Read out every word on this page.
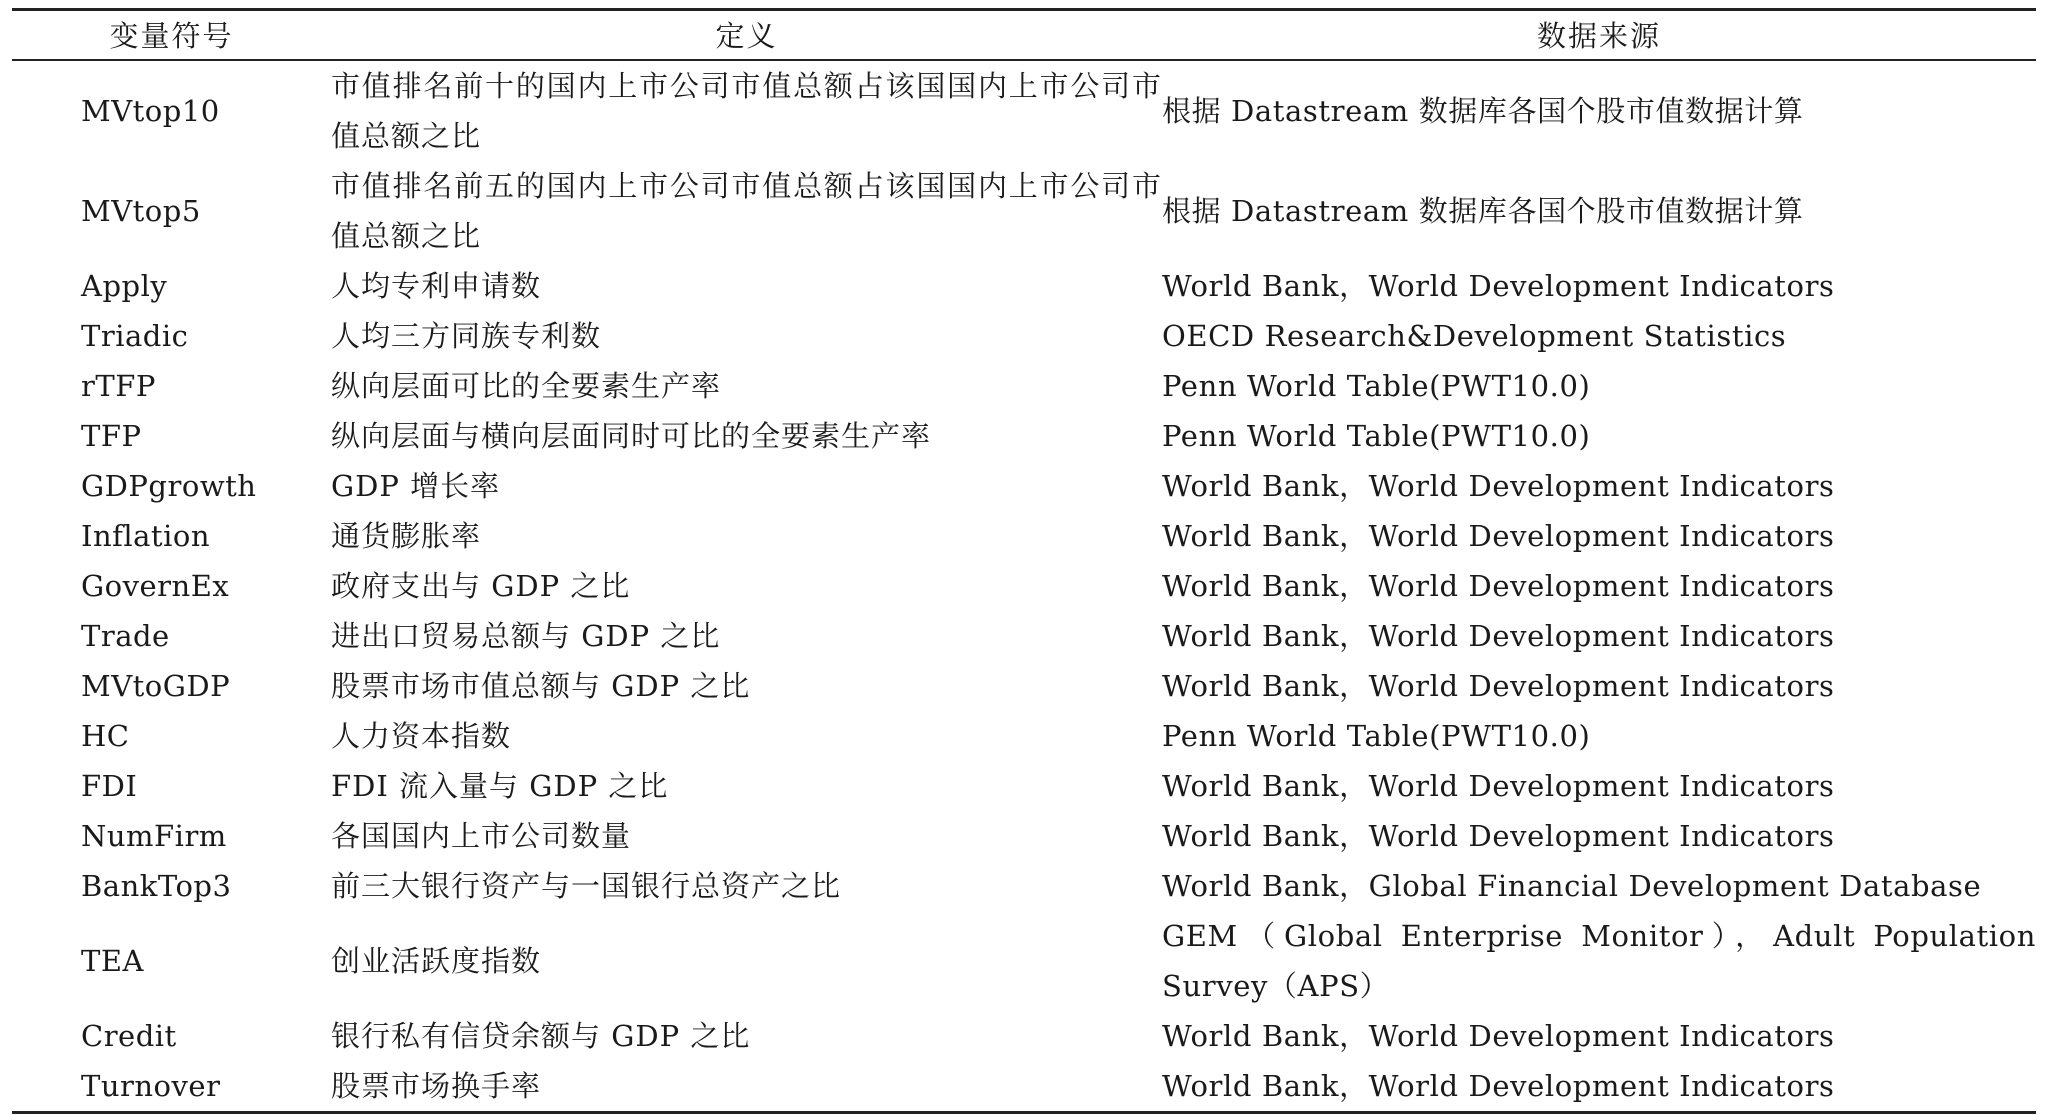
变量符号	定义	数据来源
MVtop10	市值排名前十的国内上市公司市值总额占该国国内上市公司市值总额之比	根据 Datastream 数据库各国个股市值数据计算
MVtop5	市值排名前五的国内上市公司市值总额占该国国内上市公司市值总额之比	根据 Datastream 数据库各国个股市值数据计算
Apply	人均专利申请数	World Bank，World Development Indicators
Triadic	人均三方同族专利数	OECD Research&Development Statistics
rTFP	纵向层面可比的全要素生产率	Penn World Table(PWT10.0)
TFP	纵向层面与横向层面同时可比的全要素生产率	Penn World Table(PWT10.0)
GDPgrowth	GDP 增长率	World Bank，World Development Indicators
Inflation	通货膨胀率	World Bank，World Development Indicators
GovernEx	政府支出与 GDP 之比	World Bank，World Development Indicators
Trade	进出口贸易总额与 GDP 之比	World Bank，World Development Indicators
MVtoGDP	股票市场市值总额与 GDP 之比	World Bank，World Development Indicators
HC	人力资本指数	Penn World Table(PWT10.0)
FDI	FDI 流入量与 GDP 之比	World Bank，World Development Indicators
NumFirm	各国国内上市公司数量	World Bank，World Development Indicators
BankTop3	前三大银行资产与一国银行总资产之比	World Bank，Global Financial Development Database
TEA	创业活跃度指数	GEM（Global Enterprise Monitor），Adult Population Survey（APS）
Credit	银行私有信贷余额与 GDP 之比	World Bank，World Development Indicators
Turnover	股票市场换手率	World Bank，World Development Indicators
